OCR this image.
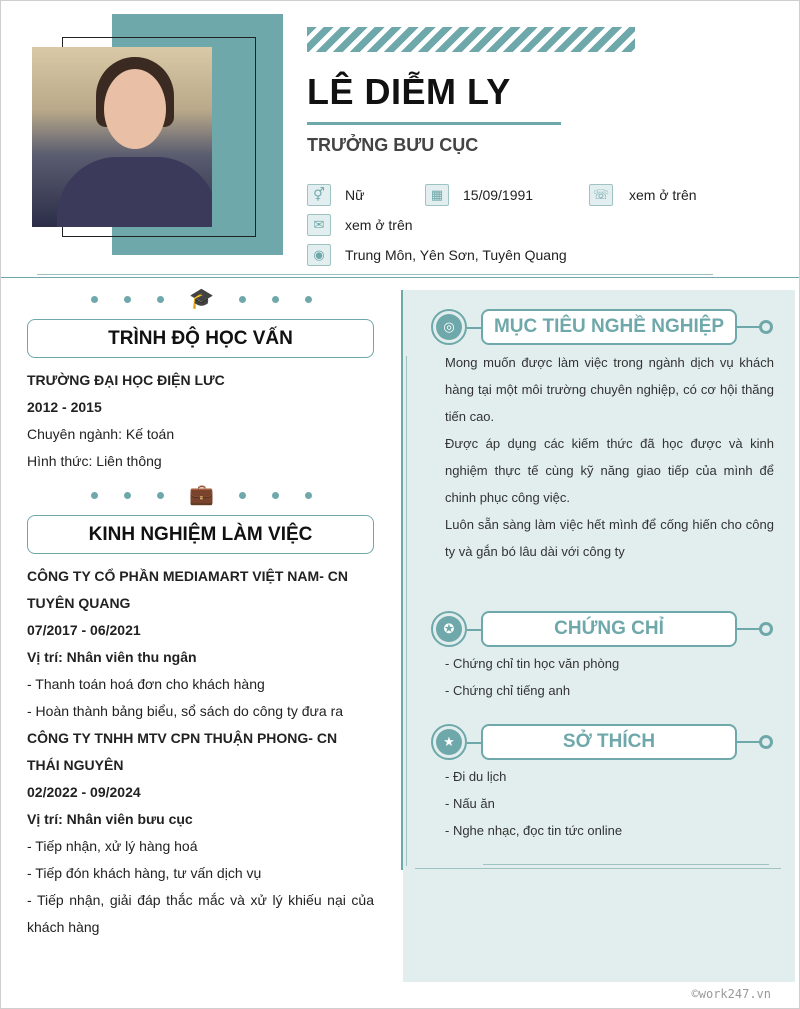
LÊ DIỄM LY
TRƯỞNG BƯU CỤC
⚥	Nữ	▦	15/09/1991	☏ xem ở trên
✉	xem ở trên
◉	Trung Môn, Yên Sơn, Tuyên Quang
🎓
TRÌNH ĐỘ HỌC VẤN
TRƯỜNG ĐẠI HỌC ĐIỆN LƯC
2012 - 2015
Chuyên ngành: Kế toán
Hình thức: Liên thông
💼
KINH NGHIỆM LÀM VIỆC
CÔNG TY CỔ PHẦN MEDIAMART VIỆT NAM- CN
TUYÊN QUANG
07/2017 - 06/2021
Vị trí: Nhân viên thu ngân
- Thanh toán hoá đơn cho khách hàng
- Hoàn thành bảng biểu, sổ sách do công ty đưa ra
CÔNG TY TNHH MTV CPN THUẬN PHONG- CN
THÁI NGUYÊN
02/2022 - 09/2024
Vị trí: Nhân viên bưu cục
- Tiếp nhận, xử lý hàng hoá
- Tiếp đón khách hàng, tư vấn dịch vụ
- Tiếp nhận, giải đáp thắc mắc và xử lý khiếu nại của khách hàng
◎	MỤC TIÊU NGHỀ NGHIỆP

Mong muốn được làm việc trong ngành dịch vụ khách hàng tại một môi trường chuyên nghiệp, có cơ hội thăng tiến cao.

Được áp dụng các kiếm thức đã học được và kinh nghiệm thực tế cùng kỹ năng giao tiếp của mình để chinh phục công việc.

Luôn sẵn sàng làm việc hết mình để cống hiến cho công ty và gắn bó lâu dài với công ty

✪	CHỨNG CHỈ
- Chứng chỉ tin học văn phòng
- Chứng chỉ tiếng anh
★	SỞ THÍCH
- Đi du lịch
- Nấu ăn
- Nghe nhạc, đọc tin tức online
©work247.vn
